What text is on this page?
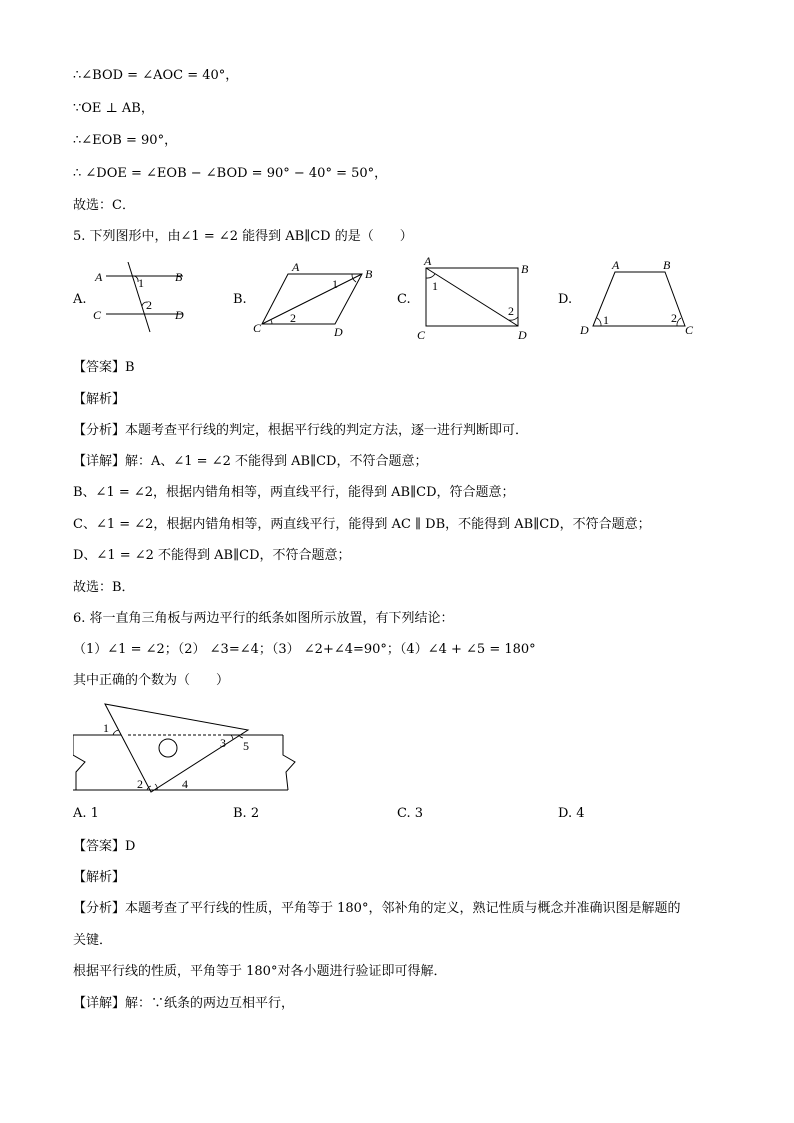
∴∠BOD = ∠AOC = 40°，
∵OE ⊥ AB，
∴∠EOB = 90°，
∴ ∠DOE = ∠EOB − ∠BOD = 90° − 40° = 50°，
故选：C．
5. 下列图形中，由∠1 = ∠2 能得到 AB∥CD 的是（　　）
A.	B.	C.	D.
A	B
C	D
1
2
A	B
C	D
1
2
A
B
C	D
1
2
A	B
D	C
1	2
【答案】B
【解析】
【分析】本题考查平行线的判定，根据平行线的判定方法，逐一进行判断即可．
【详解】解：A、∠1 = ∠2 不能得到 AB∥CD，不符合题意；
B、∠1 = ∠2，根据内错角相等，两直线平行，能得到 AB∥CD，符合题意；
C、∠1 = ∠2，根据内错角相等，两直线平行，能得到 AC ∥ DB，不能得到 AB∥CD，不符合题意；
D、∠1 = ∠2 不能得到 AB∥CD，不符合题意；
故选：B．
6. 将一直角三角板与两边平行的纸条如图所示放置，有下列结论：
（1）∠1 = ∠2；（2） ∠3=∠4；（3） ∠2+∠4=90°；（4）∠4 + ∠5 = 180°
其中正确的个数为（　　）
1
2
3
4
5
A. 1	B. 2	C. 3	D. 4
【答案】D
【解析】
【分析】本题考查了平行线的性质，平角等于 180°，邻补角的定义，熟记性质与概念并准确识图是解题的
关键．
根据平行线的性质，平角等于 180°对各小题进行验证即可得解．
【详解】解：∵纸条的两边互相平行，
